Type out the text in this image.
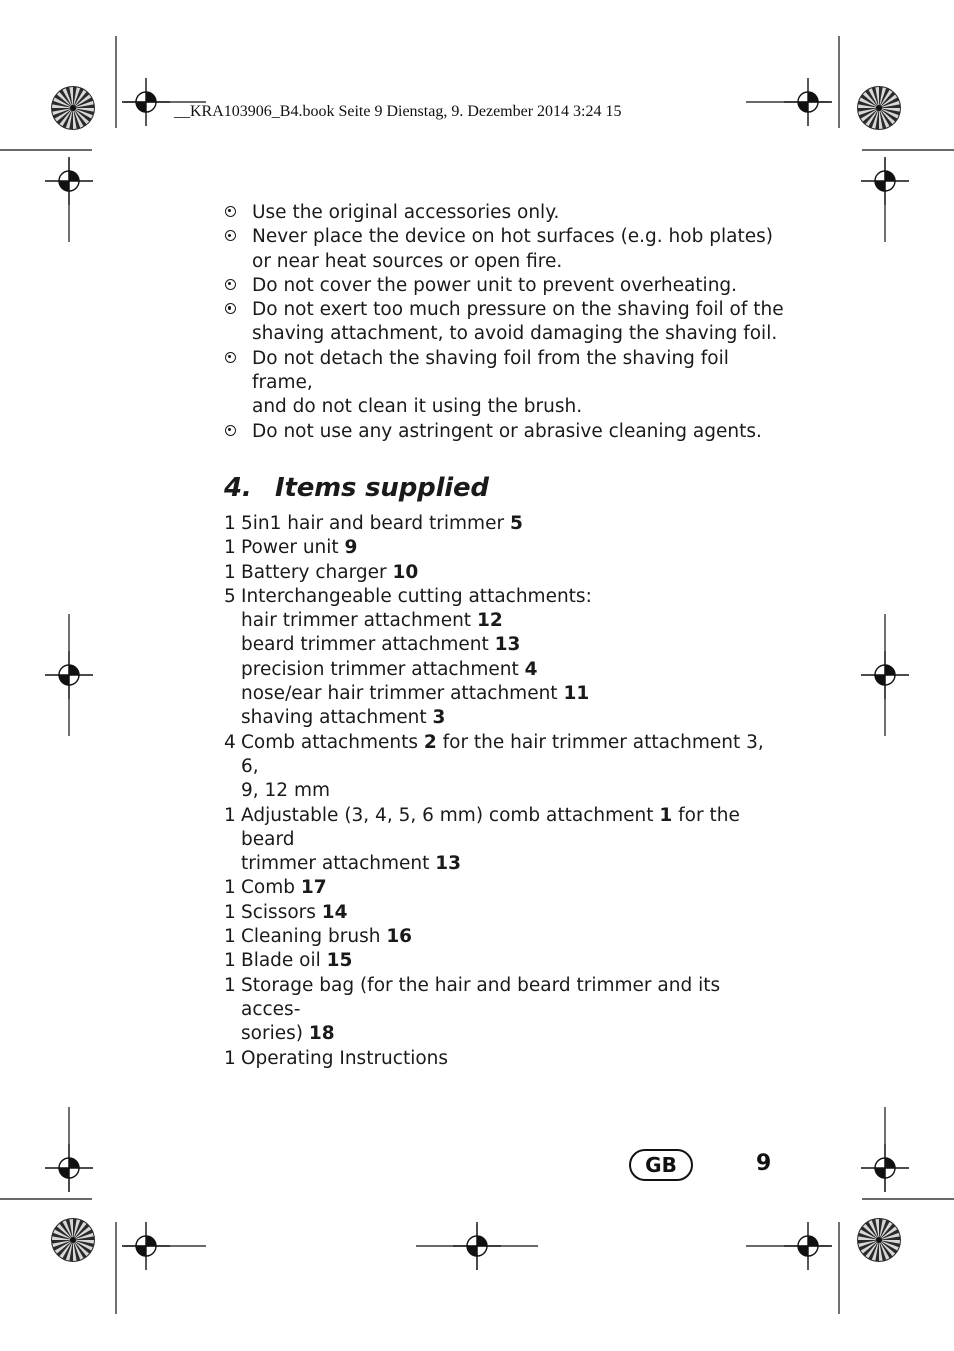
__KRA103906_B4.book Seite 9 Dienstag, 9. Dezember 2014 3:24 15
Use the original accessories only.
Never place the device on hot surfaces (e.g. hob plates)
or near heat sources or open fire.
Do not cover the power unit to prevent overheating.
Do not exert too much pressure on the shaving foil of the
shaving attachment, to avoid damaging the shaving foil.
Do not detach the shaving foil from the shaving foil frame,
and do not clean it using the brush.
Do not use any astringent or abrasive cleaning agents.
4. Items supplied
1 5in1 hair and beard trimmer 5
1 Power unit 9
1 Battery charger 10
5 Interchangeable cutting attachments:
hair trimmer attachment 12
beard trimmer attachment 13
precision trimmer attachment 4
nose/ear hair trimmer attachment 11
shaving attachment 3
4 Comb attachments 2 for the hair trimmer attachment 3, 6,
9, 12 mm
1 Adjustable (3, 4, 5, 6 mm) comb attachment 1 for the beard
trimmer attachment 13
1 Comb 17
1 Scissors 14
1 Cleaning brush 16
1 Blade oil 15
1 Storage bag (for the hair and beard trimmer and its acces-
sories) 18
1 Operating Instructions
GB	9
